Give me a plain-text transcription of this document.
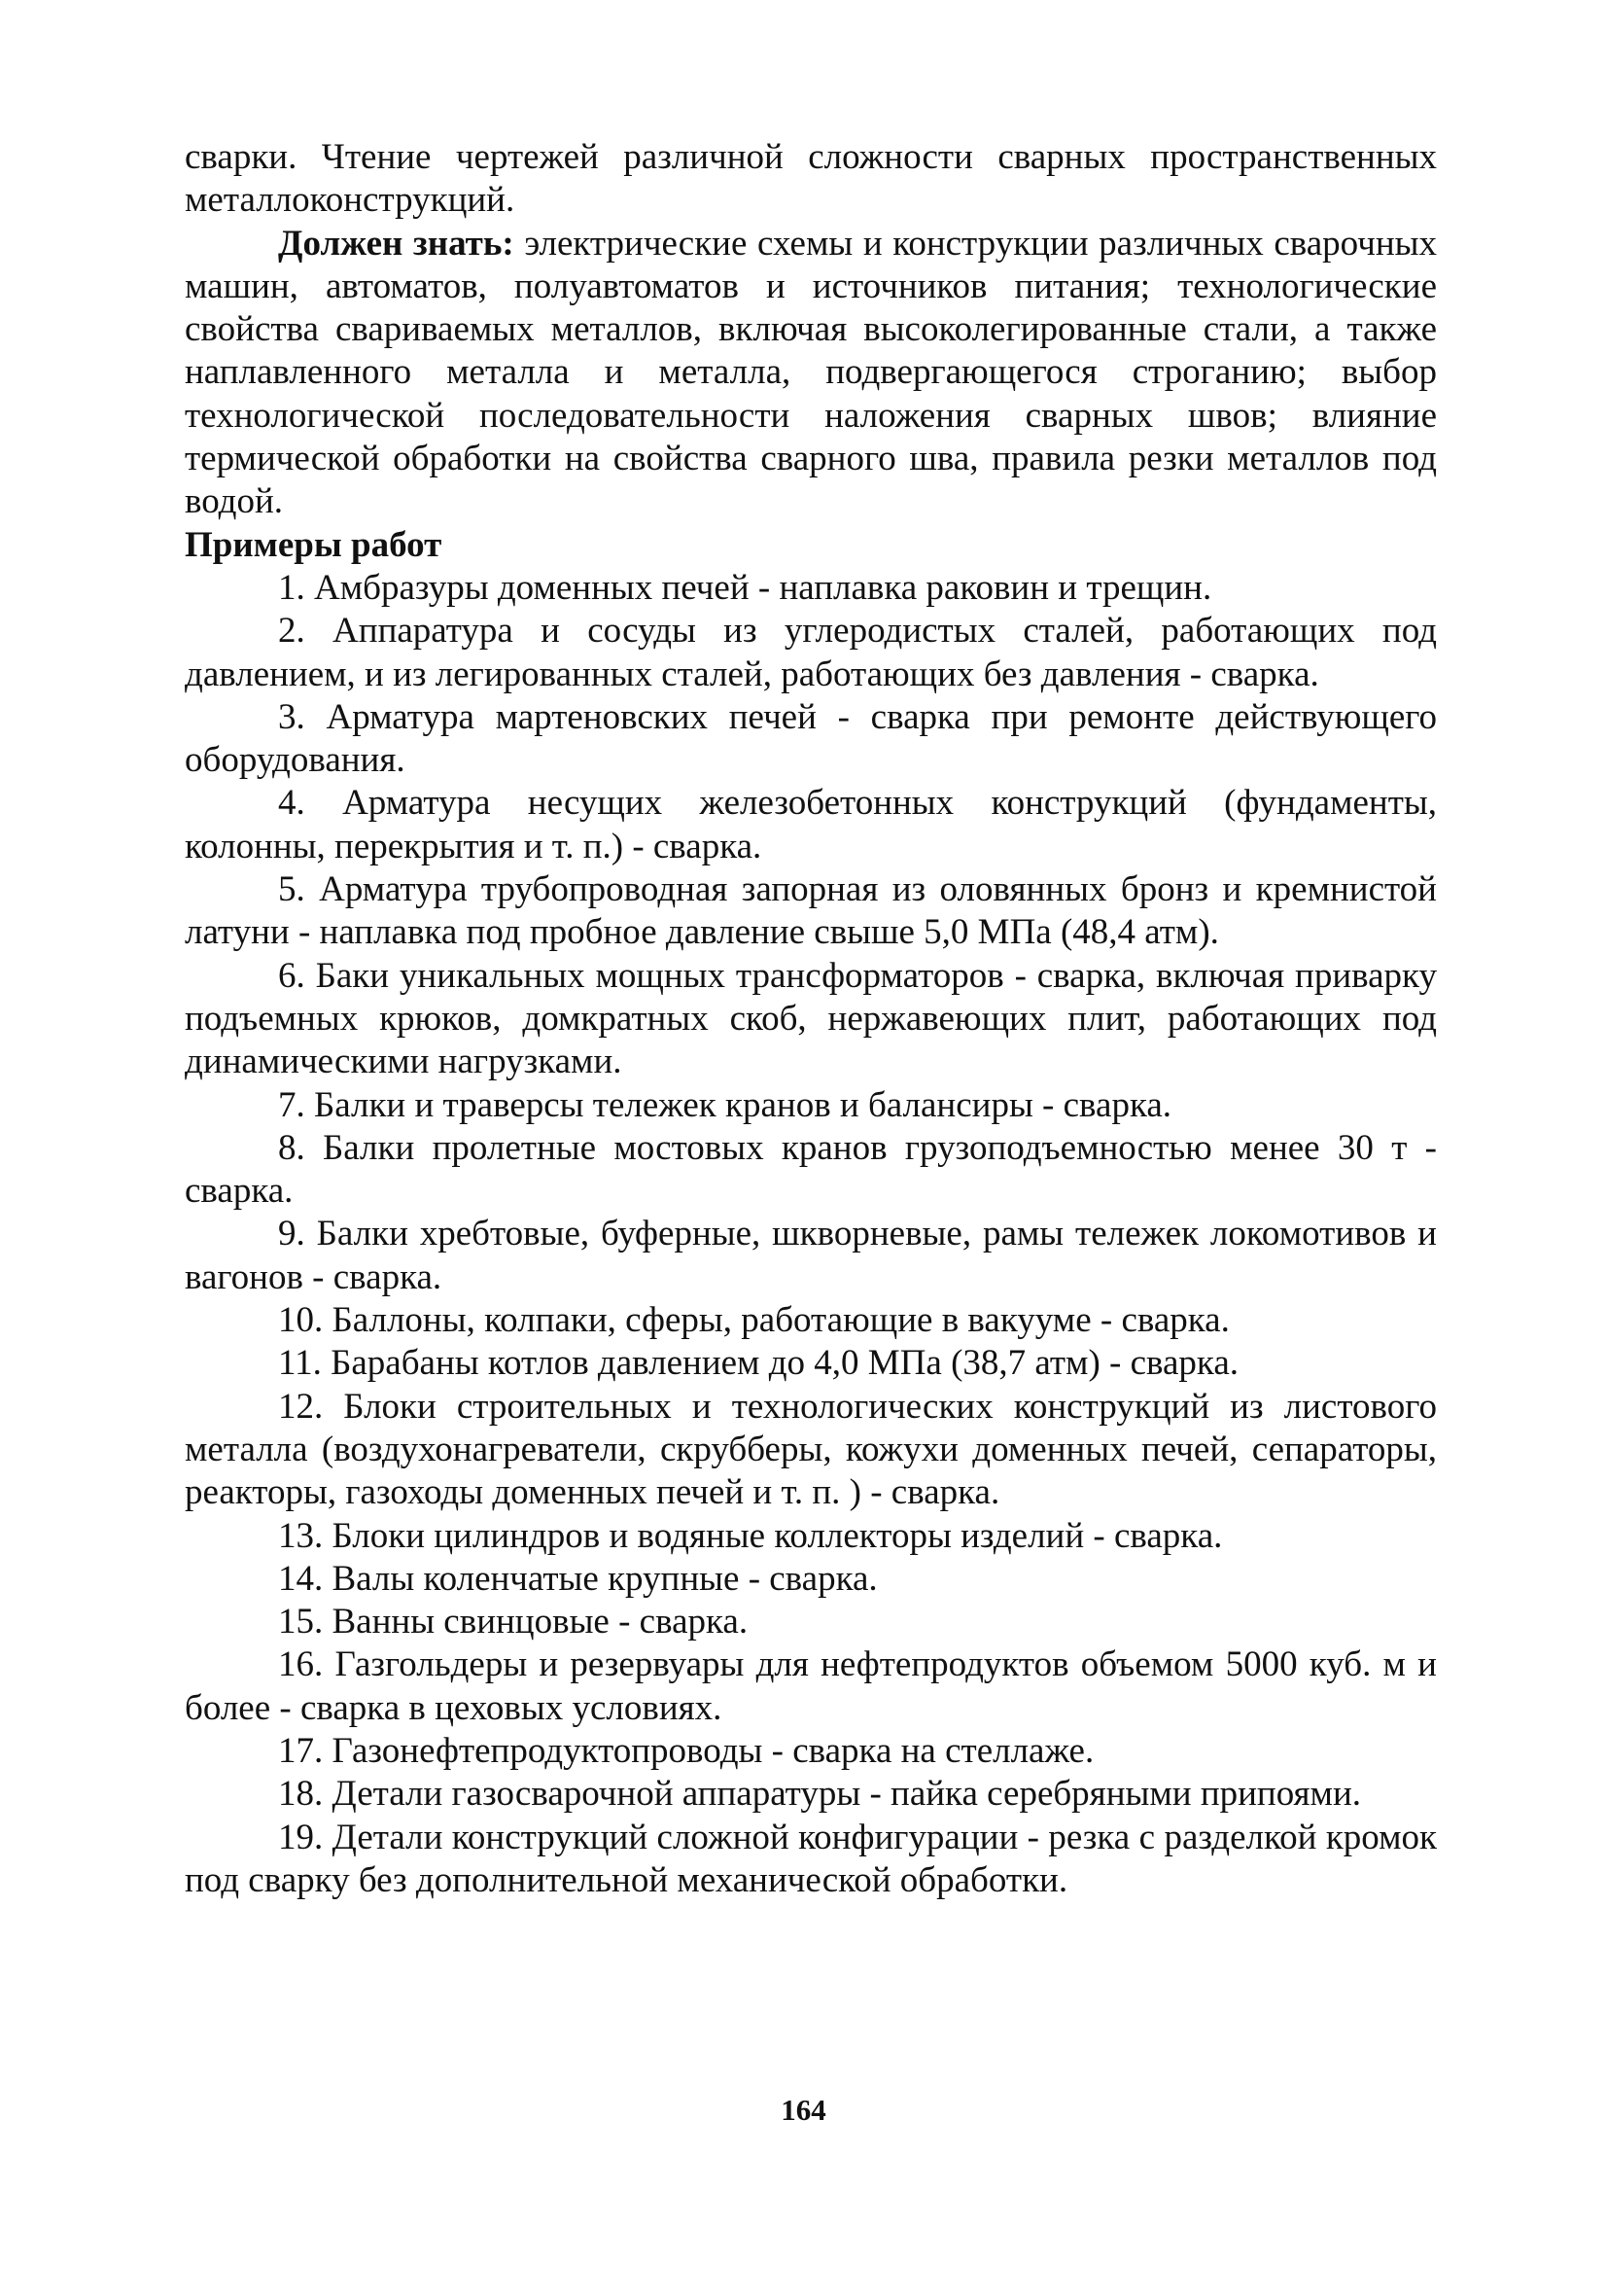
сварки. Чтение чертежей различной сложности сварных пространственных металлоконструкций.

Должен знать: электрические схемы и конструкции различных сварочных машин, автоматов, полуавтоматов и источников питания; технологические свойства свариваемых металлов, включая высоколегированные стали, а также наплавленного металла и металла, подвергающегося строганию; выбор технологической последовательности наложения сварных швов; влияние термической обработки на свойства сварного шва, правила резки металлов под водой.

Примеры работ

1. Амбразуры доменных печей - наплавка раковин и трещин.

2. Аппаратура и сосуды из углеродистых сталей, работающих под давлением, и из легированных сталей, работающих без давления - сварка.

3. Арматура мартеновских печей - сварка при ремонте действующего оборудования.

4. Арматура несущих железобетонных конструкций (фундаменты, колонны, перекрытия и т. п.) - сварка.

5. Арматура трубопроводная запорная из оловянных бронз и кремнистой латуни - наплавка под пробное давление свыше 5,0 МПа (48,4 атм).

6. Баки уникальных мощных трансформаторов - сварка, включая приварку подъемных крюков, домкратных скоб, нержавеющих плит, работающих под динамическими нагрузками.

7. Балки и траверсы тележек кранов и балансиры - сварка.

8. Балки пролетные мостовых кранов грузоподъемностью менее 30 т - сварка.

9. Балки хребтовые, буферные, шкворневые, рамы тележек локомотивов и вагонов - сварка.

10. Баллоны, колпаки, сферы, работающие в вакууме - сварка.

11. Барабаны котлов давлением до 4,0 МПа (38,7 атм) - сварка.

12. Блоки строительных и технологических конструкций из листового металла (воздухонагреватели, скрубберы, кожухи доменных печей, сепараторы, реакторы, газоходы доменных печей и т. п. ) - сварка.

13. Блоки цилиндров и водяные коллекторы изделий - сварка.

14. Валы коленчатые крупные - сварка.

15. Ванны свинцовые - сварка.

16. Газгольдеры и резервуары для нефтепродуктов объемом 5000 куб. м и более - сварка в цеховых условиях.

17. Газонефтепродуктопроводы - сварка на стеллаже.

18. Детали газосварочной аппаратуры - пайка серебряными припоями.

19. Детали конструкций сложной конфигурации - резка с разделкой кромок под сварку без дополнительной механической обработки.

164
